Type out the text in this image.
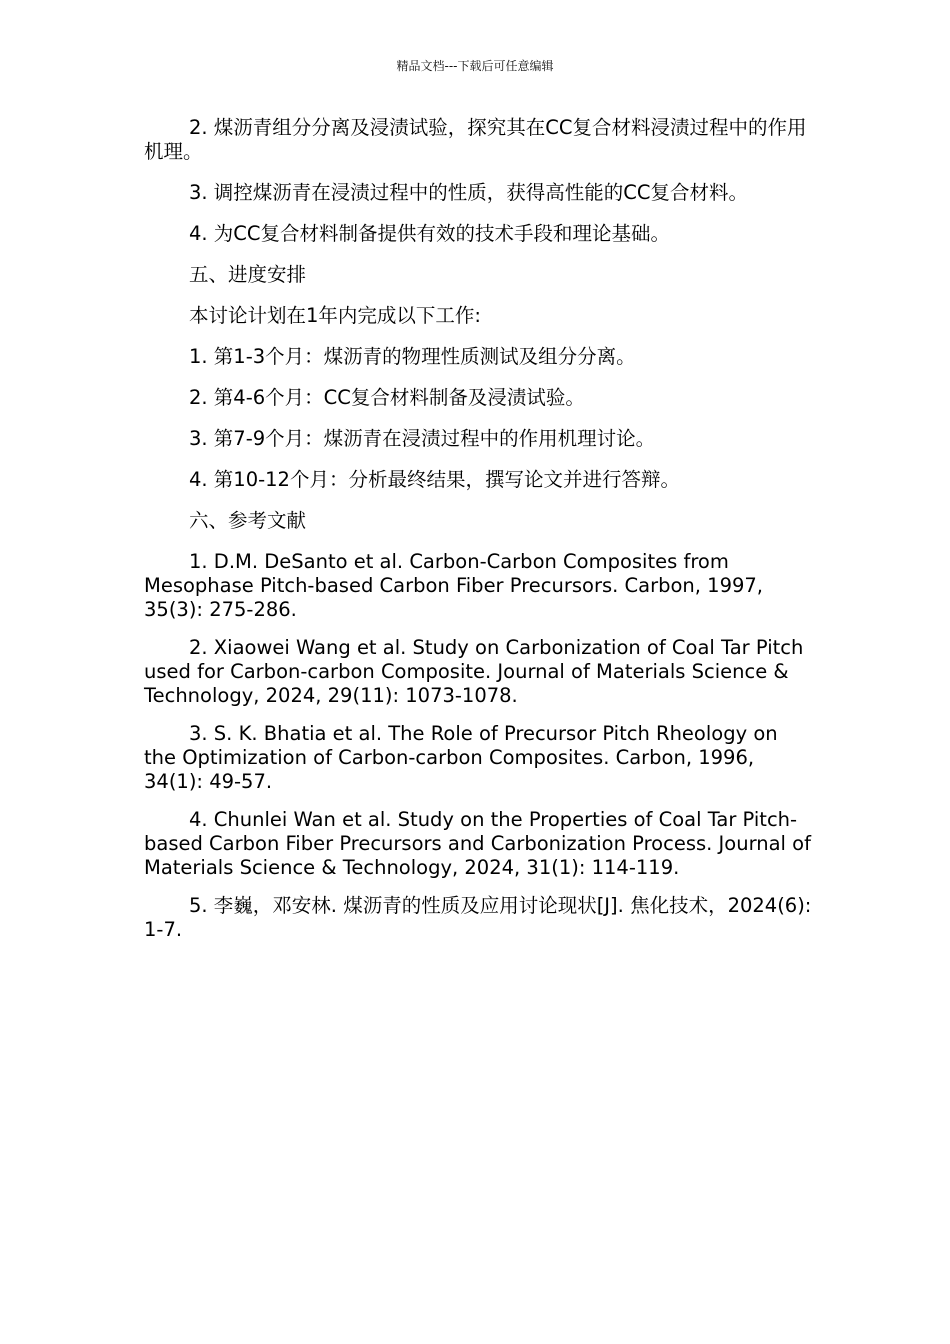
精品文档---下载后可任意编辑

2. 煤沥青组分分离及浸渍试验，探究其在CC复合材料浸渍过程中的作用机理。

3. 调控煤沥青在浸渍过程中的性质，获得高性能的CC复合材料。

4. 为CC复合材料制备提供有效的技术手段和理论基础。

五、进度安排

本讨论计划在1年内完成以下工作:

1. 第1-3个月：煤沥青的物理性质测试及组分分离。

2. 第4-6个月：CC复合材料制备及浸渍试验。

3. 第7-9个月：煤沥青在浸渍过程中的作用机理讨论。

4. 第10-12个月：分析最终结果，撰写论文并进行答辩。

六、参考文献

1. D.M. DeSanto et al. Carbon-Carbon Composites from Mesophase Pitch-based Carbon Fiber Precursors. Carbon, 1997, 35(3): 275-286.

2. Xiaowei Wang et al. Study on Carbonization of Coal Tar Pitch used for Carbon-carbon Composite. Journal of Materials Science & Technology, 2024, 29(11): 1073-1078.

3. S. K. Bhatia et al. The Role of Precursor Pitch Rheology on the Optimization of Carbon-carbon Composites. Carbon, 1996, 34(1): 49-57.

4. Chunlei Wan et al. Study on the Properties of Coal Tar Pitch-based Carbon Fiber Precursors and Carbonization Process. Journal of Materials Science & Technology, 2024, 31(1): 114-119.

5. 李巍，邓安林. 煤沥青的性质及应用讨论现状[J]. 焦化技术，2024(6): 1-7.
